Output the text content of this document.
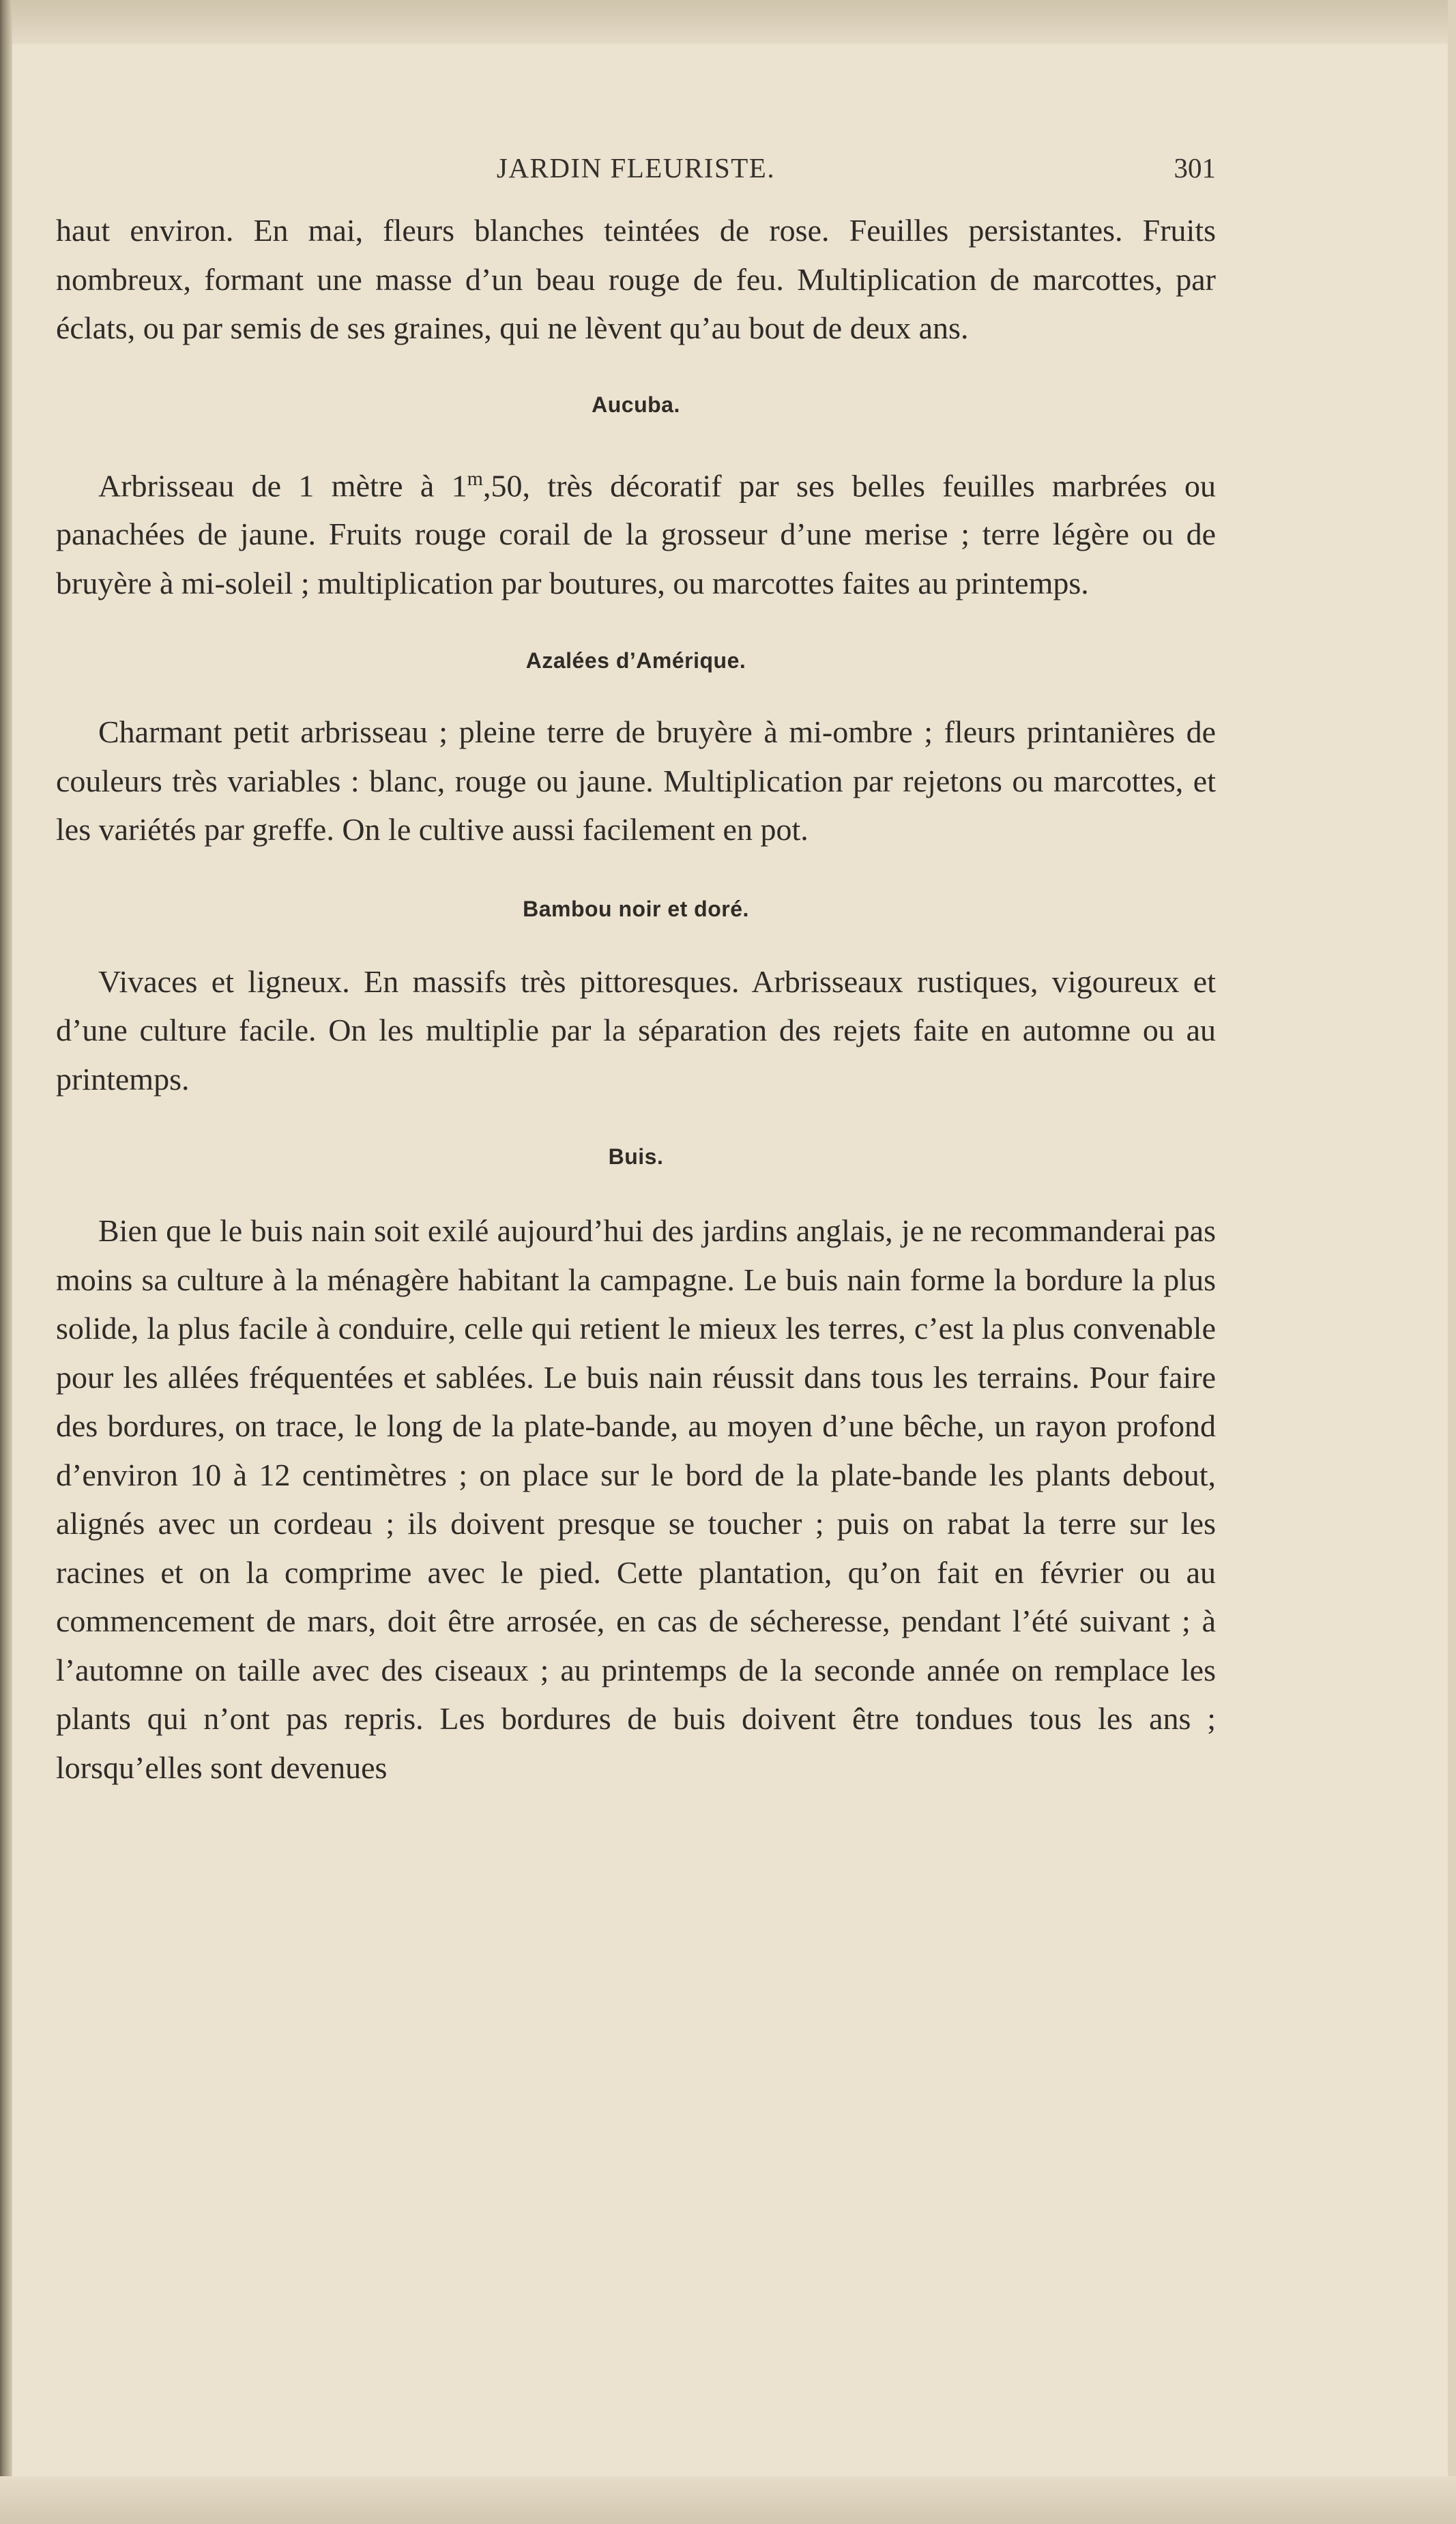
JARDIN FLEURISTE.	301

haut environ. En mai, fleurs blanches teintées de rose. Feuilles persistantes. Fruits nombreux, formant une masse d’un beau rouge de feu. Multiplication de marcottes, par éclats, ou par semis de ses graines, qui ne lèvent qu’au bout de deux ans.

Aucuba.

Arbrisseau de 1 mètre à 1$^m$,50, très décoratif par ses belles feuilles marbrées ou panachées de jaune. Fruits rouge corail de la grosseur d’une merise ; terre légère ou de bruyère à mi-soleil ; multiplication par boutures, ou marcottes faites au printemps.

Azalées d’Amérique.

Charmant petit arbrisseau ; pleine terre de bruyère à mi-ombre ; fleurs printanières de couleurs très variables : blanc, rouge ou jaune. Multiplication par rejetons ou marcottes, et les variétés par greffe. On le cultive aussi facilement en pot.

Bambou noir et doré.

Vivaces et ligneux. En massifs très pittoresques. Arbrisseaux rustiques, vigoureux et d’une culture facile. On les multiplie par la séparation des rejets faite en automne ou au printemps.

Buis.

Bien que le buis nain soit exilé aujourd’hui des jardins anglais, je ne recommanderai pas moins sa culture à la ménagère habitant la campagne. Le buis nain forme la bordure la plus solide, la plus facile à conduire, celle qui retient le mieux les terres, c’est la plus convenable pour les allées fréquentées et sablées. Le buis nain réussit dans tous les terrains. Pour faire des bordures, on trace, le long de la plate-bande, au moyen d’une bêche, un rayon profond d’environ 10 à 12 centimètres ; on place sur le bord de la plate-bande les plants debout, alignés avec un cordeau ; ils doivent presque se toucher ; puis on rabat la terre sur les racines et on la comprime avec le pied. Cette plantation, qu’on fait en février ou au commencement de mars, doit être arrosée, en cas de sécheresse, pendant l’été suivant ; à l’automne on taille avec des ciseaux ; au printemps de la seconde année on remplace les plants qui n’ont pas repris. Les bordures de buis doivent être tondues tous les ans ; lorsqu’elles sont devenues
